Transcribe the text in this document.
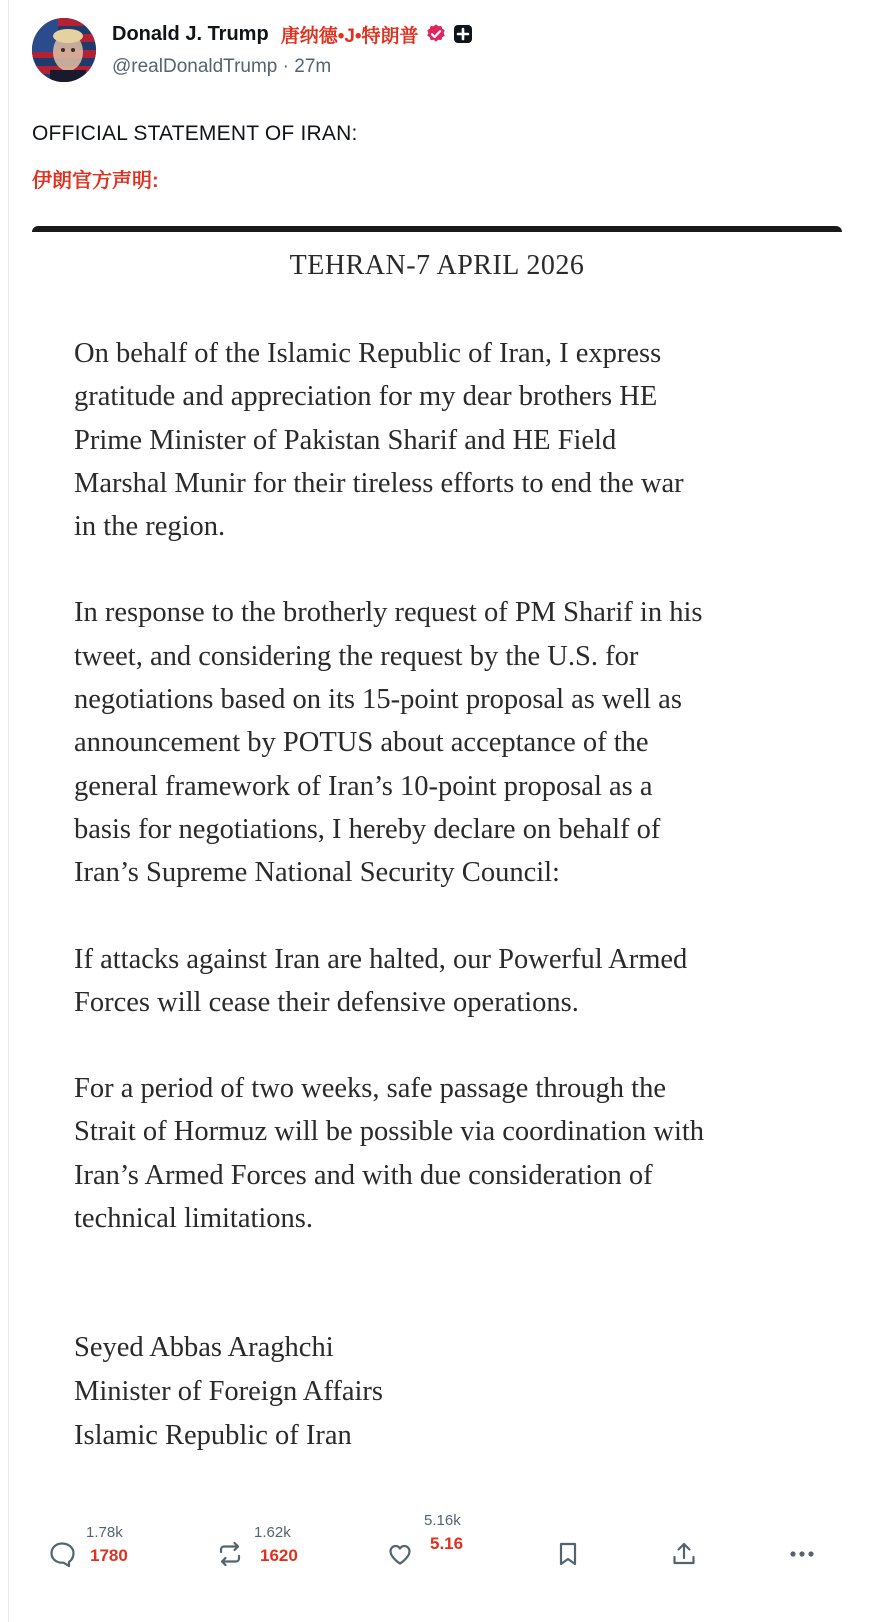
Donald J. Trump 唐纳德•J•特朗普
@realDonaldTrump · 27m
OFFICIAL STATEMENT OF IRAN:
伊朗官方声明:
TEHRAN-7 APRIL 2026
On behalf of the Islamic Republic of Iran, I express
gratitude and appreciation for my dear brothers HE
Prime Minister of Pakistan Sharif and HE Field
Marshal Munir for their tireless efforts to end the war
in the region.
In response to the brotherly request of PM Sharif in his
tweet, and considering the request by the U.S. for
negotiations based on its 15-point proposal as well as
announcement by POTUS about acceptance of the
general framework of Iran’s 10-point proposal as a
basis for negotiations, I hereby declare on behalf of
Iran’s Supreme National Security Council:
If attacks against Iran are halted, our Powerful Armed
Forces will cease their defensive operations.
For a period of two weeks, safe passage through the
Strait of Hormuz will be possible via coordination with
Iran’s Armed Forces and with due consideration of
technical limitations.
Seyed Abbas Araghchi
Minister of Foreign Affairs
Islamic Republic of Iran
1.78k
1780
1.62k
1620
5.16k
5.16
